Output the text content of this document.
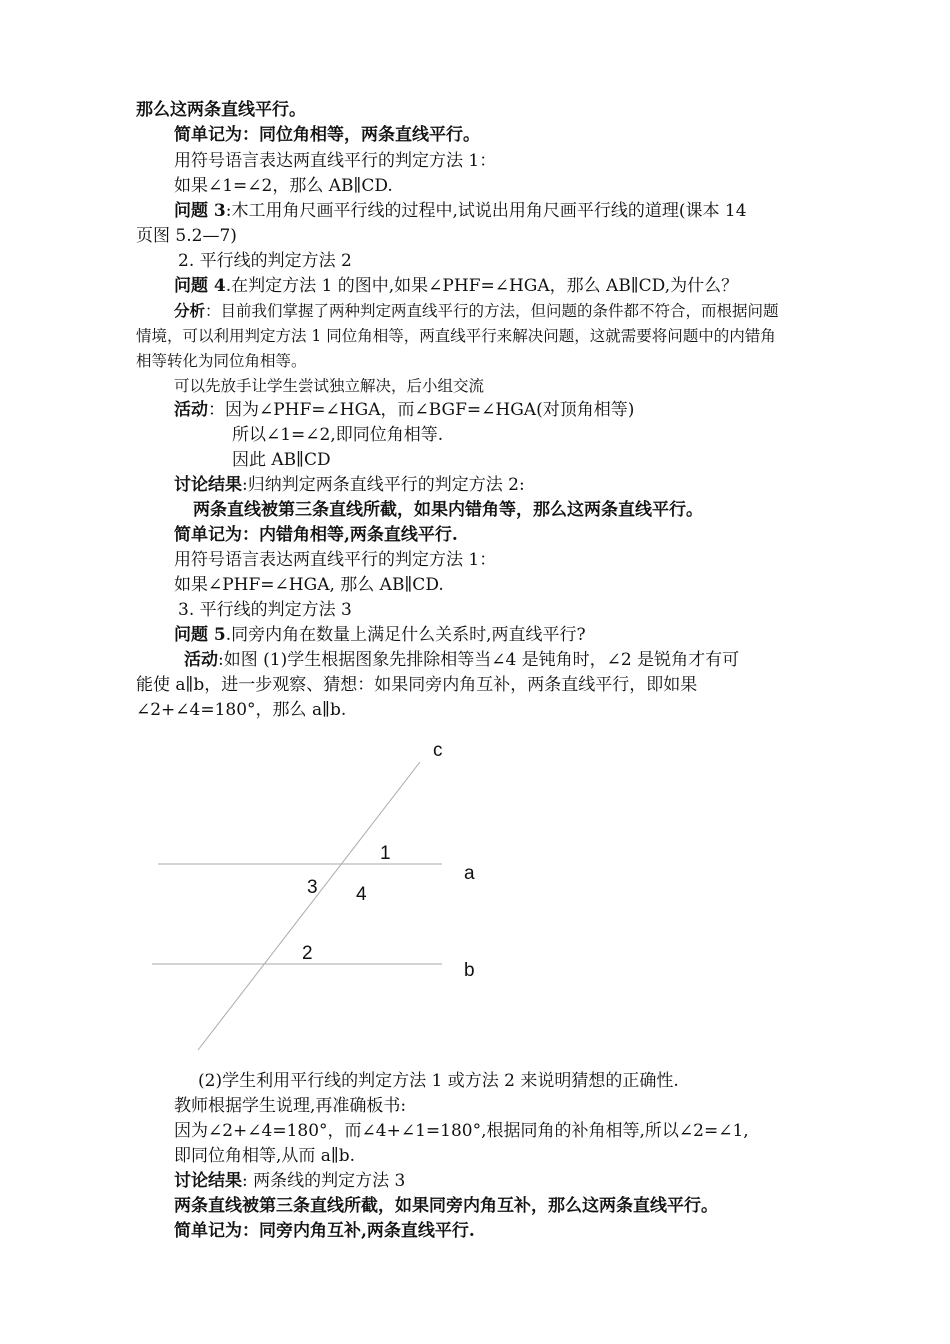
那么这两条直线平行。
简单记为：同位角相等，两条直线平行。
用符号语言表达两直线平行的判定方法 1：
如果∠1=∠2，那么 AB∥CD.
问题 3:木工用角尺画平行线的过程中,试说出用角尺画平行线的道理(课本 14
页图 5.2—7)
2. 平行线的判定方法 2
问题 4.在判定方法 1 的图中,如果∠PHF=∠HGA，那么 AB∥CD,为什么？
分析：目前我们掌握了两种判定两直线平行的方法，但问题的条件都不符合，而根据问题
情境，可以利用判定方法 1 同位角相等，两直线平行来解决问题，这就需要将问题中的内错角
相等转化为同位角相等。
可以先放手让学生尝试独立解决，后小组交流
活动：因为∠PHF=∠HGA，而∠BGF=∠HGA(对顶角相等)
所以∠1=∠2,即同位角相等.
因此 AB∥CD
讨论结果:归纳判定两条直线平行的判定方法 2:
两条直线被第三条直线所截，如果内错角等，那么这两条直线平行。
简单记为：内错角相等,两条直线平行.
用符号语言表达两直线平行的判定方法 1：
如果∠PHF=∠HGA, 那么 AB∥CD.
3. 平行线的判定方法 3
问题 5.同旁内角在数量上满足什么关系时,两直线平行?
活动:如图 (1)学生根据图象先排除相等当∠4 是钝角时，∠2 是锐角才有可
能使 a∥b，进一步观察、猜想：如果同旁内角互补，两条直线平行，即如果
∠2+∠4=180°，那么 a∥b.
c
a
b
1
3 4
2
(2)学生利用平行线的判定方法 1 或方法 2 来说明猜想的正确性.
教师根据学生说理,再准确板书:
因为∠2+∠4=180°，而∠4+∠1=180°,根据同角的补角相等,所以∠2=∠1,
即同位角相等,从而 a∥b.
讨论结果: 两条线的判定方法 3
两条直线被第三条直线所截，如果同旁内角互补，那么这两条直线平行。
简单记为：同旁内角互补,两条直线平行.
